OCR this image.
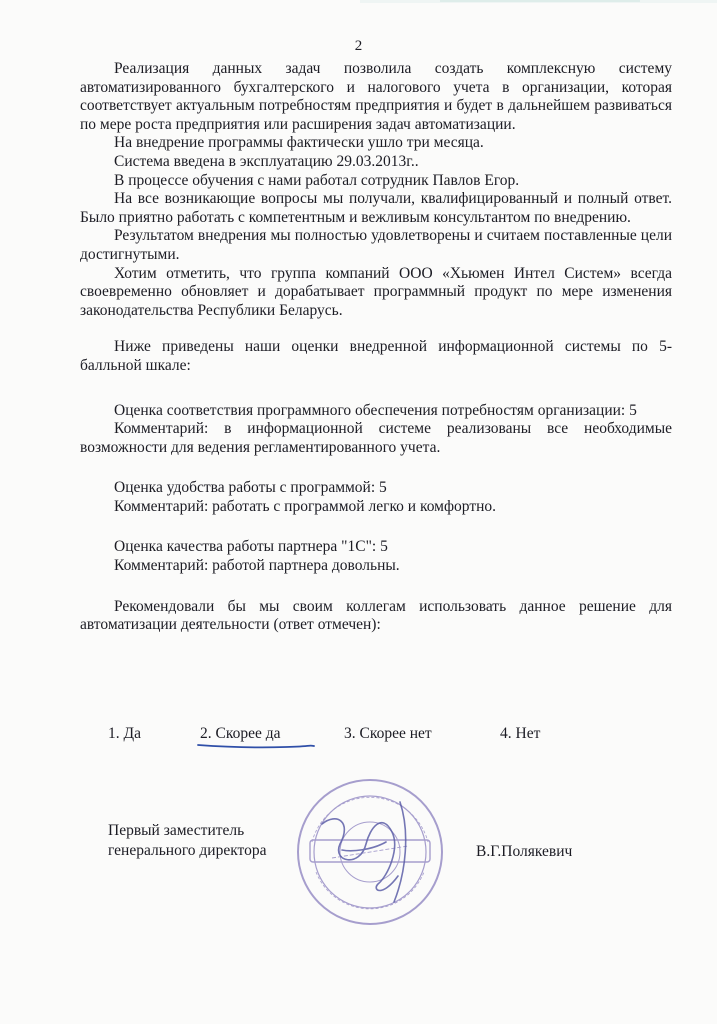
2

Реализация данных задач позволила создать комплексную систему автоматизированного бухгалтерского и налогового учета в организации, которая соответствует актуальным потребностям предприятия и будет в дальнейшем развиваться по мере роста предприятия или расширения задач автоматизации.

На внедрение программы фактически ушло три месяца.

Система введена в эксплуатацию 29.03.2013г..

В процессе обучения с нами работал сотрудник Павлов Егор.

На все возникающие вопросы мы получали, квалифицированный и полный ответ. Было приятно работать с компетентным и вежливым консультантом по внедрению.

Результатом внедрения мы полностью удовлетворены и считаем поставленные цели достигнутыми.

Хотим отметить, что группа компаний ООО «Хьюмен Интел Систем» всегда своевременно обновляет и дорабатывает программный продукт по мере изменения законодательства Республики Беларусь.

Ниже приведены наши оценки внедренной информационной системы по 5-балльной шкале:

Оценка соответствия программного обеспечения потребностям организации: 5

Комментарий: в информационной системе реализованы все необходимые возможности для ведения регламентированного учета.

Оценка удобства работы с программой: 5

Комментарий: работать с программой легко и комфортно.

Оценка качества работы партнера "1С": 5

Комментарий: работой партнера довольны.

Рекомендовали бы мы своим коллегам использовать данное решение для автоматизации деятельности (ответ отмечен):

1. Да	2. Скорее да	3. Скорее нет	4. Нет
Первый заместитель
генерального директора	В.Г.Полякевич
